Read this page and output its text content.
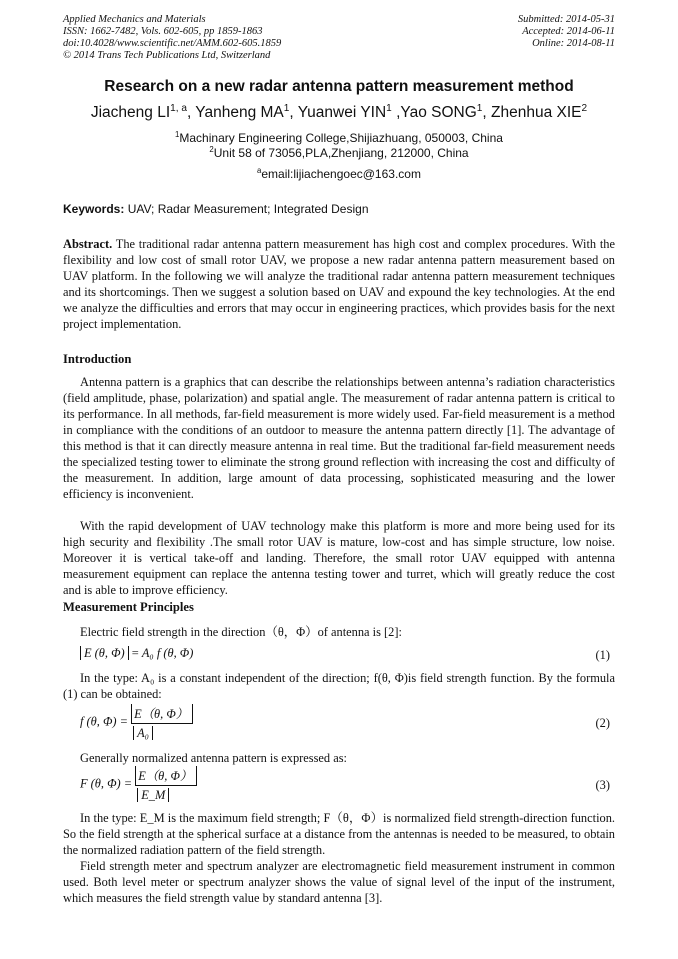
Applied Mechanics and Materials
ISSN: 1662-7482, Vols. 602-605, pp 1859-1863
doi:10.4028/www.scientific.net/AMM.602-605.1859
© 2014 Trans Tech Publications Ltd, Switzerland
Submitted: 2014-05-31
Accepted: 2014-06-11
Online: 2014-08-11
Research on a new radar antenna pattern measurement method
Jiacheng LI$^{1, a}$, Yanheng $MA^1$, Yuanwei YIN$^1$ ,Yao SONG$^1$, Zhenhua XIE$^2$
$^1$Machinary Engineering College,Shijiazhuang, 050003, China
$^2$Unit 58 of 73056,PLA,Zhenjiang, 212000, China
$^a$email:lijiachengoec@163.com
Keywords: UAV; Radar Measurement; Integrated Design

Abstract. The traditional radar antenna pattern measurement has high cost and complex procedures. With the flexibility and low cost of small rotor UAV, we propose a new radar antenna pattern measurement based on UAV platform. In the following we will analyze the traditional radar antenna pattern measurement techniques and its shortcomings. Then we suggest a solution based on UAV and expound the key technologies. At the end we analyze the difficulties and errors that may occur in engineering practices, which provides basis for the next project implementation.

Introduction

Antenna pattern is a graphics that can describe the relationships between antenna’s radiation characteristics (field amplitude, phase, polarization) and spatial angle. The measurement of radar antenna pattern is critical to its performance. In all methods, far-field measurement is more widely used. Far-field measurement is a method in compliance with the conditions of an outdoor to measure the antenna pattern directly [1]. The advantage of this method is that it can directly measure antenna in real time. But the traditional far-field measurement needs the specialized testing tower to eliminate the strong ground reflection with increasing the cost and difficulty of the measurement. In addition, large amount of data processing, sophisticated measuring and the lower efficiency is inconvenient.

With the rapid development of UAV technology make this platform is more and more being used for its high security and flexibility .The small rotor UAV is mature, low-cost and has simple structure, low noise. Moreover it is vertical take-off and landing. Therefore, the small rotor UAV equipped with antenna measurement equipment can replace the antenna testing tower and turret, which will greatly reduce the cost and is able to improve efficiency.

Measurement Principles

Electric field strength in the direction（θ，Φ）of antenna is [2]:

E (θ, Φ) = A₀ f (θ, Φ)	(1)

In the type: A₀ is a constant independent of the direction; f(θ, Φ)is field strength function. By the formula (1) can be obtained:

f (θ, $\Phi) = \frac{E(\theta, \Phi)}{\text{A₀}}$	(2)

Generally normalized antenna pattern is expressed as:

F (θ, $\Phi) = \frac{E(\theta, \Phi)}{E\_M}$	(3)

In the type: E_M is the maximum field strength; F（θ，Φ）is normalized field strength-direction function. So the field strength at the spherical surface at a distance from the antennas is needed to be measured, to obtain the normalized radiation pattern of the field strength.

Field strength meter and spectrum analyzer are electromagnetic field measurement instrument in common used. Both level meter or spectrum analyzer shows the value of signal level of the input of the instrument, which measures the field strength value by standard antenna [3].
